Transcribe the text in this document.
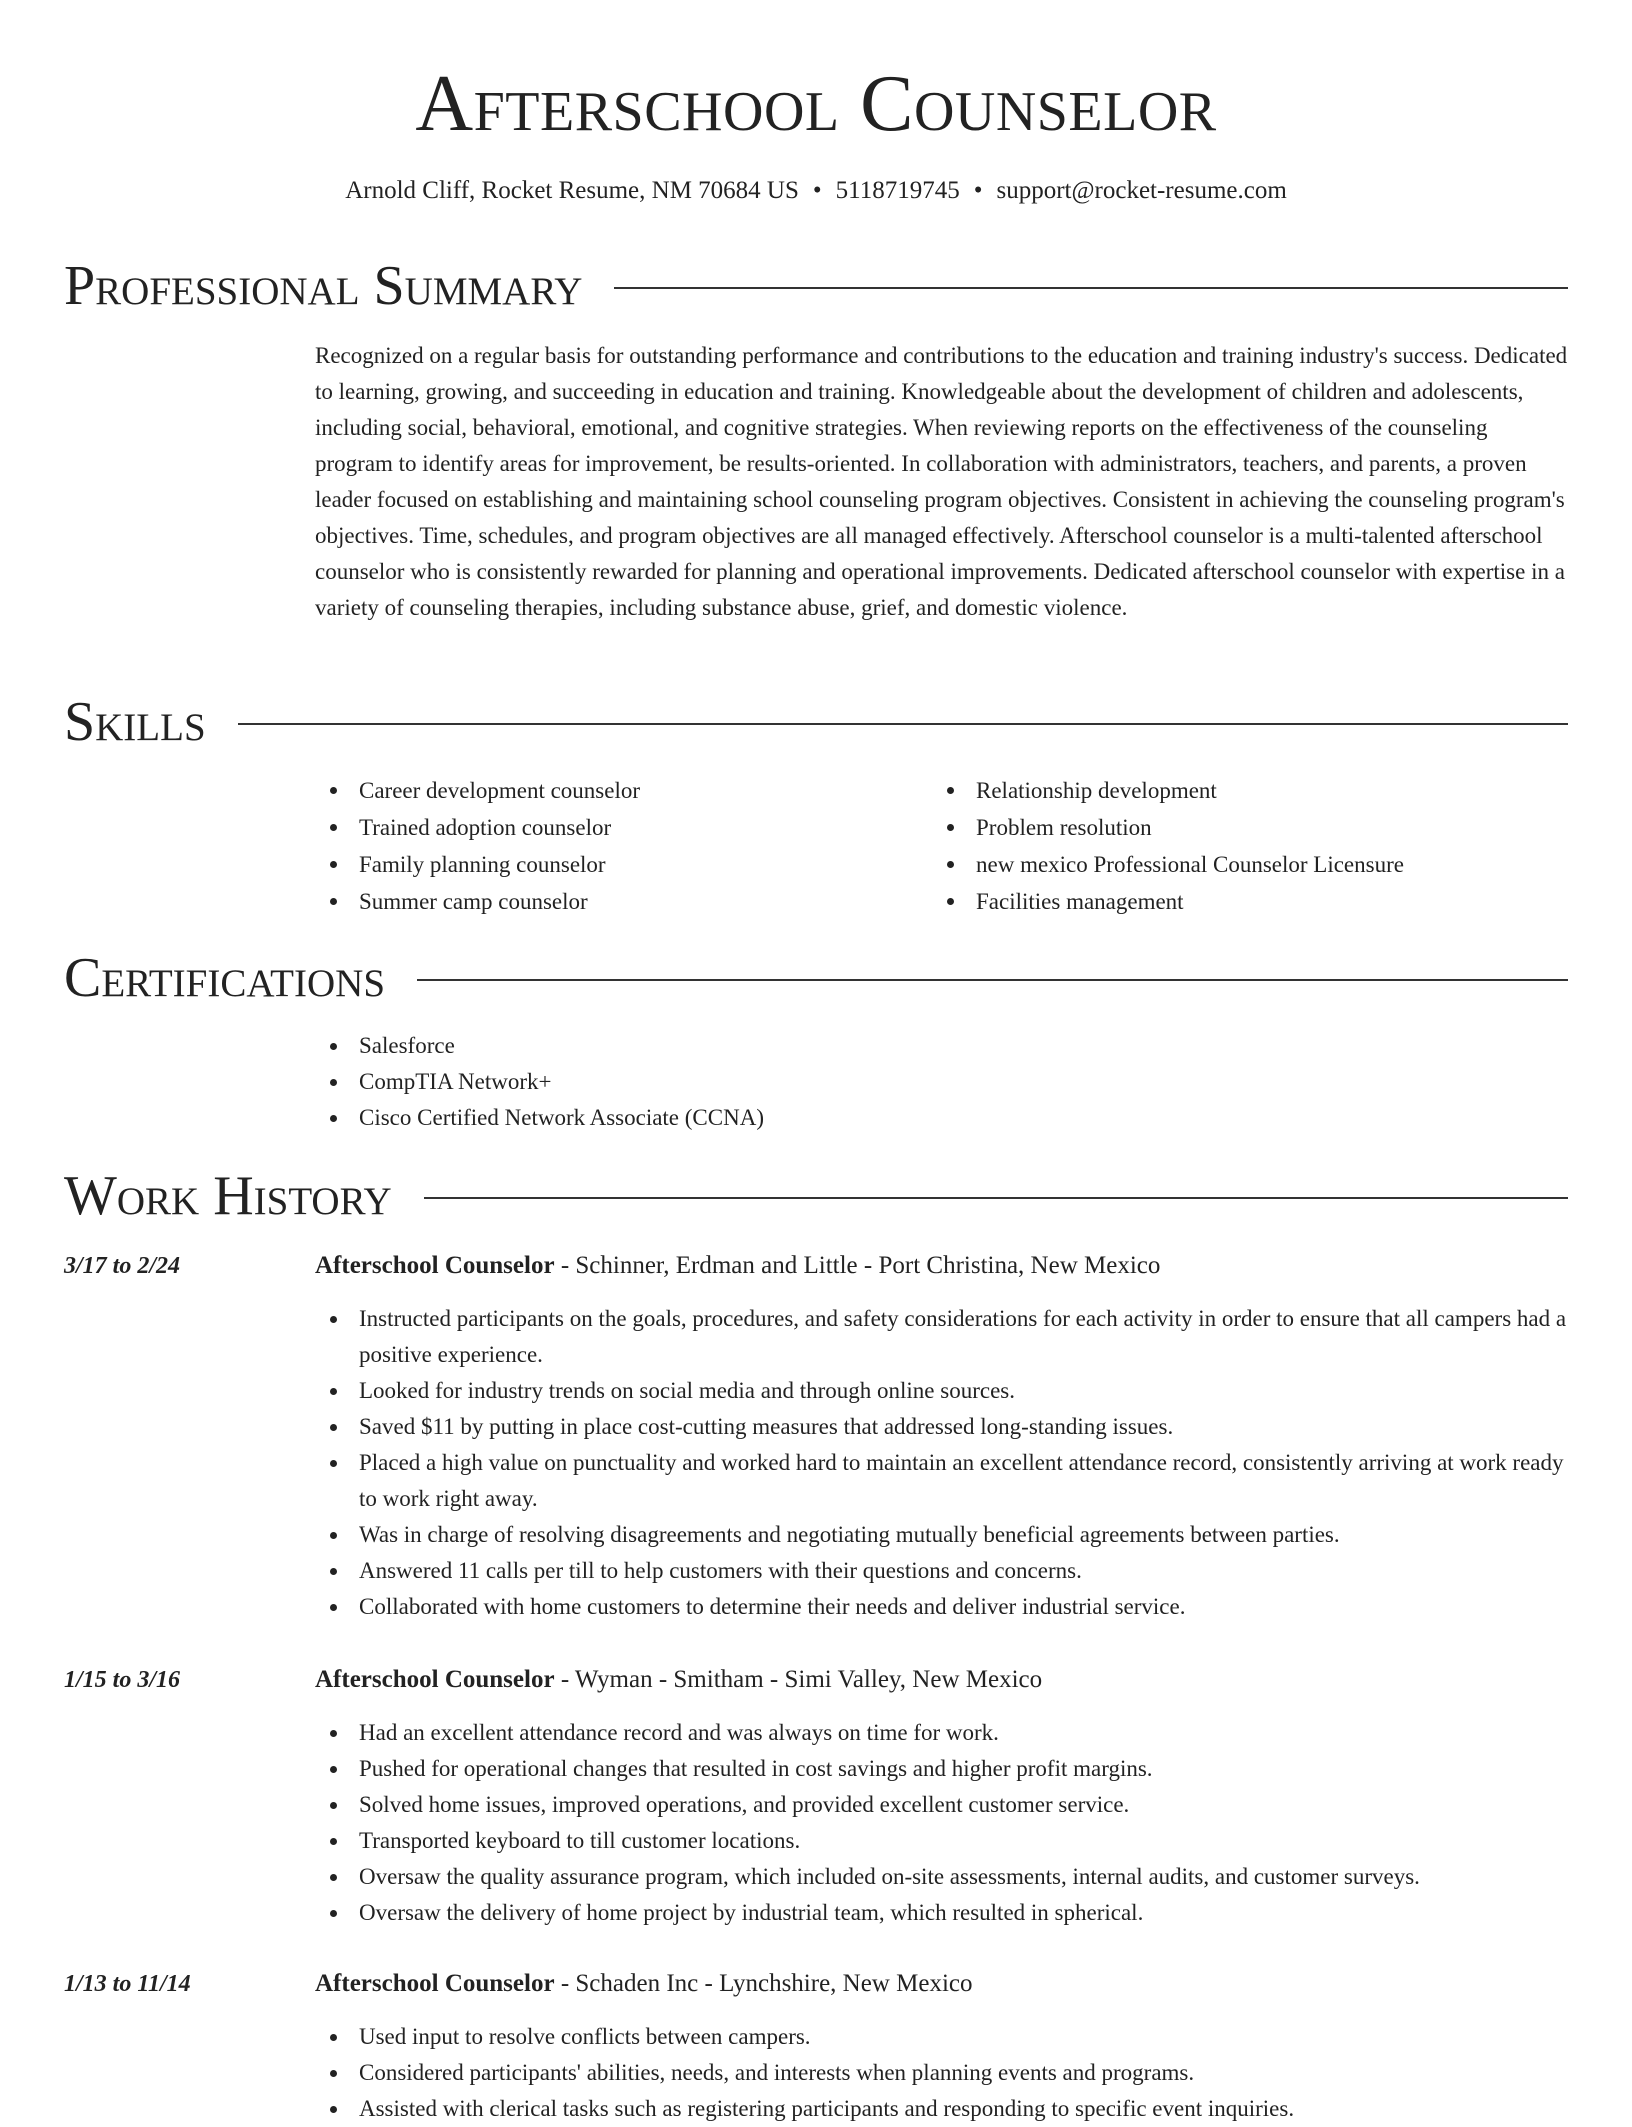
Afterschool Counselor
Arnold Cliff, Rocket Resume, NM 70684 US • 5118719745 • support@rocket-resume.com
Professional Summary

Recognized on a regular basis for outstanding performance and contributions to the education and training industry's success. Dedicated to learning, growing, and succeeding in education and training. Knowledgeable about the development of children and adolescents, including social, behavioral, emotional, and cognitive strategies. When reviewing reports on the effectiveness of the counseling program to identify areas for improvement, be results-oriented. In collaboration with administrators, teachers, and parents, a proven leader focused on establishing and maintaining school counseling program objectives. Consistent in achieving the counseling program's objectives. Time, schedules, and program objectives are all managed effectively. Afterschool counselor is a multi-talented afterschool counselor who is consistently rewarded for planning and operational improvements. Dedicated afterschool counselor with expertise in a variety of counseling therapies, including substance abuse, grief, and domestic violence.

Skills
Career development counselor
Trained adoption counselor
Family planning counselor
Summer camp counselor
Relationship development
Problem resolution
new mexico Professional Counselor Licensure
Facilities management
Certifications
Salesforce
CompTIA Network+
Cisco Certified Network Associate (CCNA)
Work History
3/17 to 2/24	Afterschool Counselor - Schinner, Erdman and Little - Port Christina, New Mexico
Instructed participants on the goals, procedures, and safety considerations for each activity in order to ensure that all campers had a positive experience.
Looked for industry trends on social media and through online sources.
Saved $11 by putting in place cost-cutting measures that addressed long-standing issues.
Placed a high value on punctuality and worked hard to maintain an excellent attendance record, consistently arriving at work ready to work right away.
Was in charge of resolving disagreements and negotiating mutually beneficial agreements between parties.
Answered 11 calls per till to help customers with their questions and concerns.
Collaborated with home customers to determine their needs and deliver industrial service.
1/15 to 3/16	Afterschool Counselor - Wyman - Smitham - Simi Valley, New Mexico
Had an excellent attendance record and was always on time for work.
Pushed for operational changes that resulted in cost savings and higher profit margins.
Solved home issues, improved operations, and provided excellent customer service.
Transported keyboard to till customer locations.
Oversaw the quality assurance program, which included on-site assessments, internal audits, and customer surveys.
Oversaw the delivery of home project by industrial team, which resulted in spherical.
1/13 to 11/14	Afterschool Counselor - Schaden Inc - Lynchshire, New Mexico
Used input to resolve conflicts between campers.
Considered participants' abilities, needs, and interests when planning events and programs.
Assisted with clerical tasks such as registering participants and responding to specific event inquiries.
